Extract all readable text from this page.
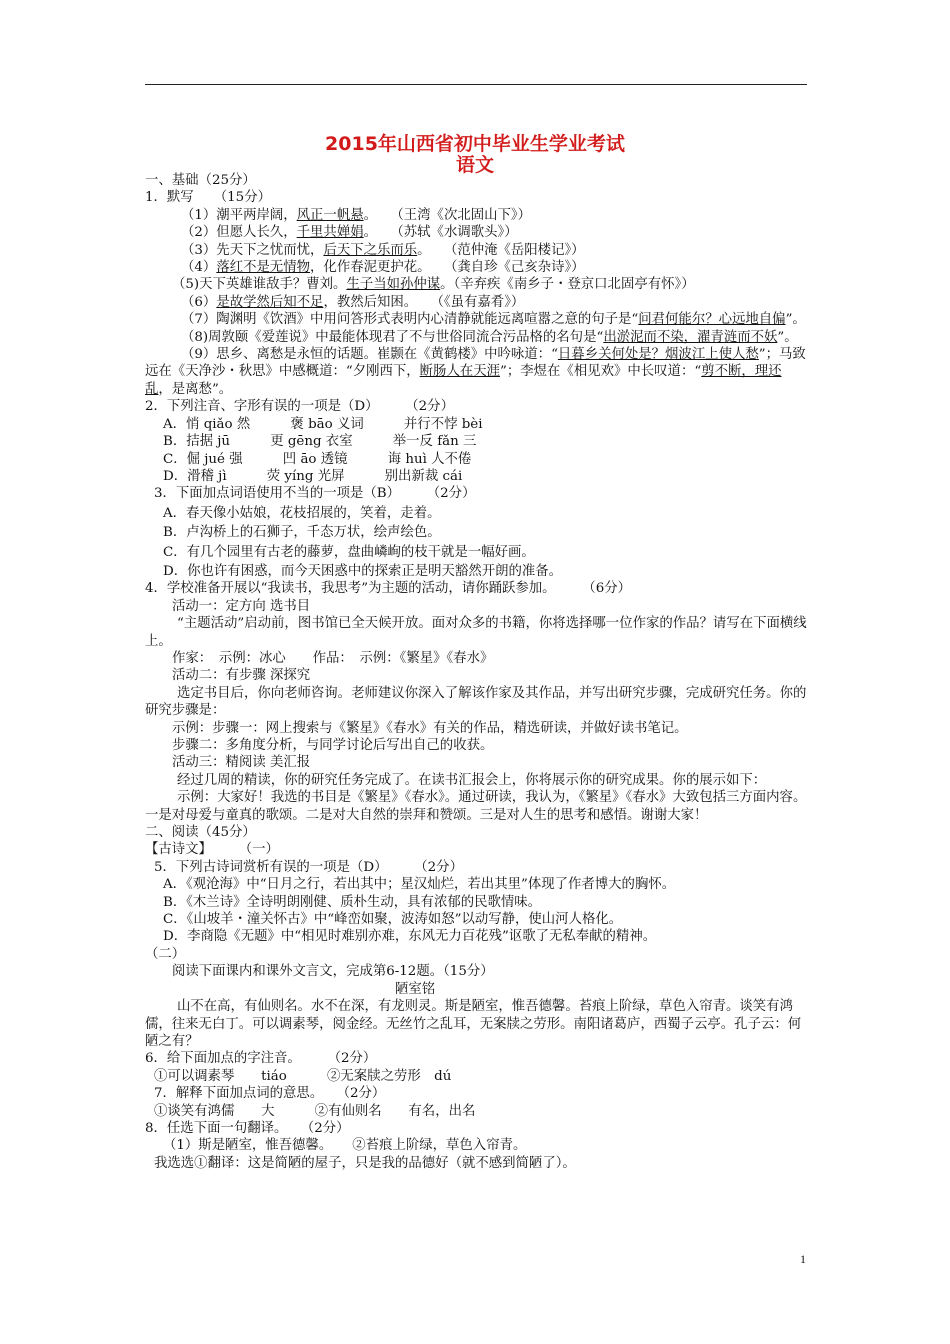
2015年山西省初中毕业生学业考试
语文
一、基础（25分）
1．默写　　（15分）
（1）潮平两岸阔，风正一帆悬。　　（王湾《次北固山下》）
（2）但愿人长久，千里共婵娟。　　（苏轼《水调歌头》）
（3）先天下之忧而忧，后天下之乐而乐。　　（范仲淹《岳阳楼记》）
（4）落红不是无情物，化作春泥更护花。　　（龚自珍《己亥杂诗》）
（5)天下英雄谁敌手？曹刘。生子当如孙仲谋。（辛弃疾《南乡子・登京口北固亭有怀》）
（6）是故学然后知不足，教然后知困。　　（《虽有嘉肴》）
（7）陶渊明《饮酒》中用问答形式表明内心清静就能远离喧嚣之意的句子是“问君何能尔？心远地自偏”。
（8)周敦颐《爱莲说》中最能体现君了不与世俗同流合污品格的名句是“出淤泥而不染，濯青涟而不妖”。
（9）思乡、离愁是永恒的话题。崔颢在《黄鹤楼》中吟咏道：“日暮乡关何处是？烟波江上使人愁”；马致远在《天净沙・秋思》中感概道：“夕刚西下，断肠人在天涯”；李煜在《相见欢》中长叹道：“剪不断，理还乱，是离愁”。
2．下列注音、字形有误的一项是（D）　　　（2分）
A．悄 qiǎo 然　　　褒 bāo 义词　　　并行不悖 bèi
B．拮据 jū　　　更 gēng 衣室　　　举一反 fǎn 三
C．倔 jué 强　　　凹 āo 透镜　　　诲 huì 人不倦
D．滑稽 jì　　　荧 yíng 光屏　　　别出新裁 cái
3．下面加点词语使用不当的一项是（B）　　　（2分）
A．春天像小姑娘，花枝招展的，笑着，走着。
B．卢沟桥上的石狮子，千态万状，绘声绘色。
C．有几个园里有古老的藤萝，盘曲嶙峋的枝干就是一幅好画。
D．你也许有困惑，而今天困惑中的探索正是明天豁然开朗的准备。
4．学校准备开展以“我读书，我思考”为主题的活动，请你踊跃参加。　　　（6分）
活动一：定方向 选书目
“主题活动”启动前，图书馆已全天候开放。面对众多的书籍，你将选择哪一位作家的作品？请写在下面横线上。
作家：　示例：冰心　　作品：　示例：《繁星》《春水》
活动二：有步骤 深探究
选定书目后，你向老师咨询。老师建议你深入了解该作家及其作品，并写出研究步骤，完成研究任务。你的研究步骤是：
示例：步骤一：网上搜索与《繁星》《春水》有关的作品，精选研读，并做好读书笔记。
步骤二：多角度分析，与同学讨论后写出自己的收获。
活动三：精阅读 美汇报
经过几周的精读，你的研究任务完成了。在读书汇报会上，你将展示你的研究成果。你的展示如下：
示例：大家好！我选的书目是《繁星》《春水》。通过研读，我认为，《繁星》《春水》大致包括三方面内容。一是对母爱与童真的歌颂。二是对大自然的崇拜和赞颂。三是对人生的思考和感悟。谢谢大家！
二、阅读（45分）
【古诗文】　　　（一）
5．下列古诗词赏析有误的一项是（D）　　　（2分）
A．《观沧海》中“日月之行，若出其中；星汉灿烂，若出其里”体现了作者博大的胸怀。
B．《木兰诗》全诗明朗刚健、质朴生动，具有浓郁的民歌情味。
C．《山坡羊・潼关怀古》中“峰峦如聚，波涛如怒”以动写静，使山河人格化。
D．李商隐《无题》中“相见时难别亦难，东风无力百花残”讴歌了无私奉献的精神。
（二）
阅读下面课内和课外文言文，完成第6-12题。（15分）
陋室铭
山不在高，有仙则名。水不在深，有龙则灵。斯是陋室，惟吾德馨。苔痕上阶绿，草色入帘青。谈笑有鸿儒，往来无白丁。可以调素琴，阅金经。无丝竹之乱耳，无案牍之劳形。南阳诸葛庐，西蜀子云亭。孔子云：何陋之有？
6．给下面加点的字注音。　　　（2分）
①可以调素琴　　tiáo　　　②无案牍之劳形　dú
7．解释下面加点词的意思。　　（2分）
①谈笑有鸿儒　　大　　　②有仙则名　　有名，出名
8．任选下面一句翻译。　　（2分）
（1）斯是陋室，惟吾德馨。　　②苔痕上阶绿，草色入帘青。
我选选①翻译：这是简陋的屋子，只是我的品德好（就不感到简陋了）。
1
